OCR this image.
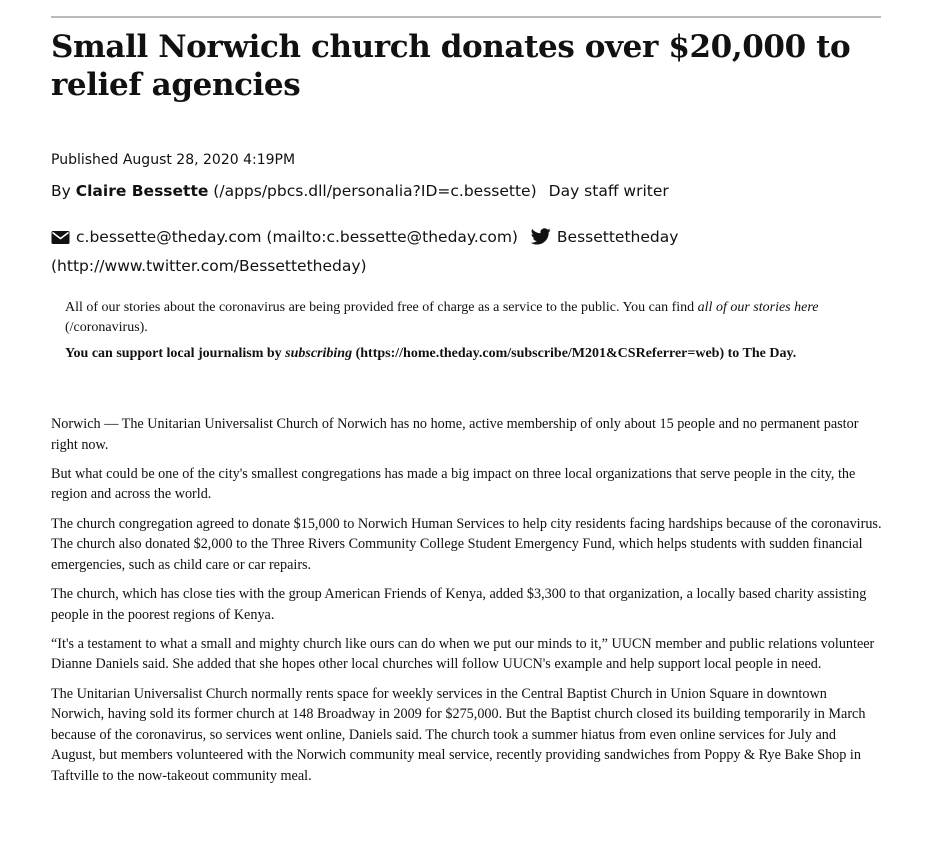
Small Norwich church donates over $20,000 to relief agencies
Published August 28, 2020 4:19PM
By Claire Bessette (/apps/pbcs.dll/personalia?ID=c.bessette) Day staff writer
c.bessette@theday.com (mailto:c.bessette@theday.com)	Bessettetheday
(http://www.twitter.com/Bessettetheday)

All of our stories about the coronavirus are being provided free of charge as a service to the public. You can find all of our stories here (/coronavirus).

You can support local journalism by subscribing (https://home.theday.com/subscribe/M201&CSReferrer=web) to The Day.

Norwich — The Unitarian Universalist Church of Norwich has no home, active membership of only about 15 people and no permanent pastor right now.

But what could be one of the city's smallest congregations has made a big impact on three local organizations that serve people in the city, the region and across the world.

The church congregation agreed to donate $15,000 to Norwich Human Services to help city residents facing hardships because of the coronavirus. The church also donated $2,000 to the Three Rivers Community College Student Emergency Fund, which helps students with sudden financial emergencies, such as child care or car repairs.

The church, which has close ties with the group American Friends of Kenya, added $3,300 to that organization, a locally based charity assisting people in the poorest regions of Kenya.

“It's a testament to what a small and mighty church like ours can do when we put our minds to it,” UUCN member and public relations volunteer Dianne Daniels said. She added that she hopes other local churches will follow UUCN's example and help support local people in need.

The Unitarian Universalist Church normally rents space for weekly services in the Central Baptist Church in Union Square in downtown Norwich, having sold its former church at 148 Broadway in 2009 for $275,000. But the Baptist church closed its building temporarily in March because of the coronavirus, so services went online, Daniels said. The church took a summer hiatus from even online services for July and August, but members volunteered with the Norwich community meal service, recently providing sandwiches from Poppy & Rye Bake Shop in Taftville to the now-takeout community meal.
